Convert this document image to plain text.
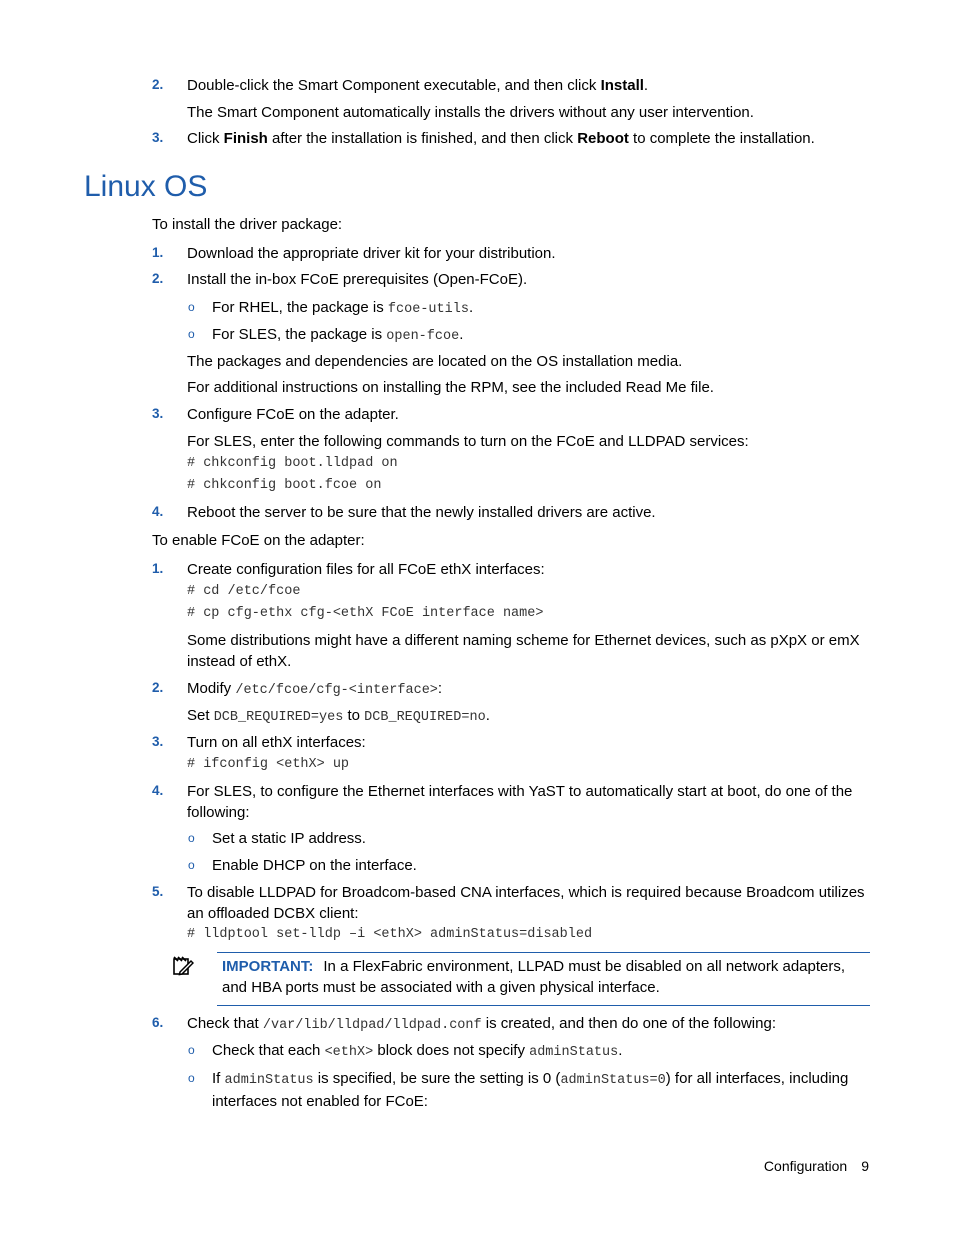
2. Double-click the Smart Component executable, and then click Install.
The Smart Component automatically installs the drivers without any user intervention.
3. Click Finish after the installation is finished, and then click Reboot to complete the installation.
Linux OS
To install the driver package:
1. Download the appropriate driver kit for your distribution.
2. Install the in-box FCoE prerequisites (Open-FCoE).
o For RHEL, the package is fcoe-utils.
o For SLES, the package is open-fcoe.
The packages and dependencies are located on the OS installation media.
For additional instructions on installing the RPM, see the included Read Me file.
3. Configure FCoE on the adapter.
For SLES, enter the following commands to turn on the FCoE and LLDPAD services:
# chkconfig boot.lldpad on
# chkconfig boot.fcoe on
4. Reboot the server to be sure that the newly installed drivers are active.
To enable FCoE on the adapter:
1. Create configuration files for all FCoE ethX interfaces:
# cd /etc/fcoe
# cp cfg-ethx cfg-<ethX FCoE interface name>
Some distributions might have a different naming scheme for Ethernet devices, such as pXpX or emX instead of ethX.
2. Modify /etc/fcoe/cfg-<interface>:
Set DCB_REQUIRED=yes to DCB_REQUIRED=no.
3. Turn on all ethX interfaces:
# ifconfig <ethX> up
4. For SLES, to configure the Ethernet interfaces with YaST to automatically start at boot, do one of the following:
o Set a static IP address.
o Enable DHCP on the interface.
5. To disable LLDPAD for Broadcom-based CNA interfaces, which is required because Broadcom utilizes an offloaded DCBX client:
# lldptool set-lldp –i <ethX> adminStatus=disabled
IMPORTANT: In a FlexFabric environment, LLPAD must be disabled on all network adapters, and HBA ports must be associated with a given physical interface.
6. Check that /var/lib/lldpad/lldpad.conf is created, and then do one of the following:
o Check that each <ethX> block does not specify adminStatus.
o If adminStatus is specified, be sure the setting is 0 (adminStatus=0) for all interfaces, including interfaces not enabled for FCoE:
Configuration 9
